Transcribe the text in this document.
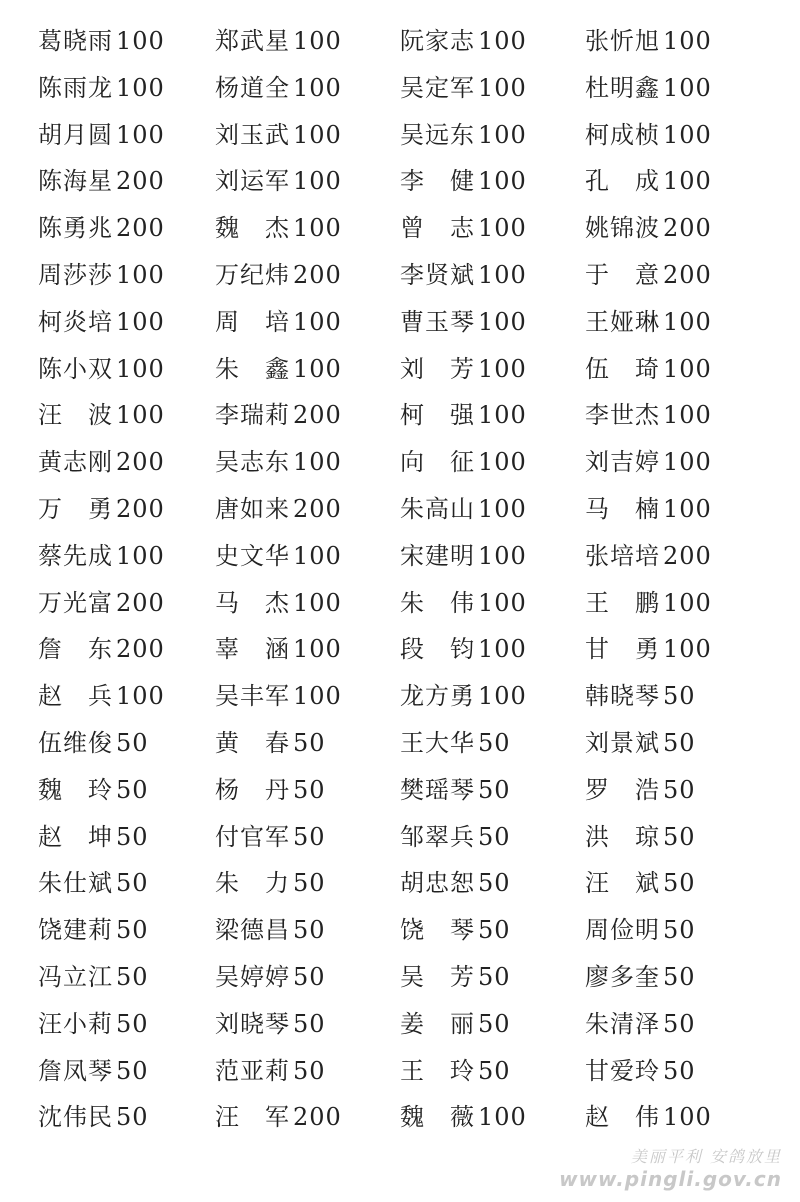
葛晓雨 100 郑武星 100 阮家志 100 张忻旭 100
陈雨龙 100 杨道全 100 吴定军 100 杜明鑫 100
胡月圆 100 刘玉武 100 吴远东 100 柯成桢 100
陈海星 200 刘运军 100 李　健 100 孔　成 100
陈勇兆 200 魏　杰 100 曾　志 100 姚锦波 200
周莎莎 100 万纪炜 200 李贤斌 100 于　意 200
柯炎培 100 周　培 100 曹玉琴 100 王娅琳 100
陈小双 100 朱　鑫 100 刘　芳 100 伍　琦 100
汪　波 100 李瑞莉 200 柯　强 100 李世杰 100
黄志刚 200 吴志东 100 向　征 100 刘吉婷 100
万　勇 200 唐如来 200 朱高山 100 马　楠 100
蔡先成 100 史文华 100 宋建明 100 张培培 200
万光富 200 马　杰 100 朱　伟 100 王　鹏 100
詹　东 200 辜　涵 100 段　钧 100 甘　勇 100
赵　兵 100 吴丰军 100 龙方勇 100 韩晓琴 50
伍维俊 50	黄　春 50	王大华 50	刘景斌 50
魏　玲 50	杨　丹 50	樊瑶琴 50	罗　浩 50
赵　坤 50	付官军 50	邹翠兵 50	洪　琼 50
朱仕斌 50	朱　力 50	胡忠恕 50	汪　斌 50
饶建莉 50	梁德昌 50	饶　琴 50	周俭明 50
冯立江 50	吴婷婷 50	吴　芳 50	廖多奎 50
汪小莉 50	刘晓琴 50	姜　丽 50	朱清泽 50
詹凤琴 50	范亚莉 50	王　玲 50	甘爱玲 50
沈伟民 50	汪　军 200 魏　薇 100 赵　伟 100
美丽平利 安鸽放里
www.pingli.gov.cn
